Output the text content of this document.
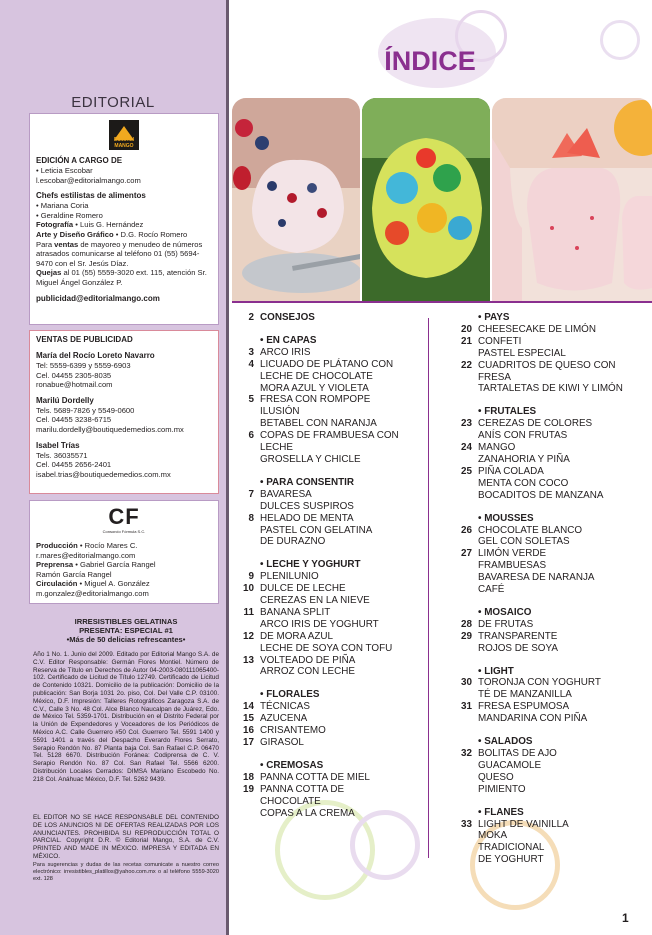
EDITORIAL
Editorial MANGO
EDICIÓN A CARGO DE
• Leticia Escobar
l.escobar@editorialmango.com
Chefs estilistas de alimentos
• Mariana Coria
• Geraldine Romero
Fotografía • Luis G. Hernández
Arte y Diseño Gráfico • D.G. Rocío Romero
Para ventas de mayoreo y menudeo de números atrasados comunicarse al teléfono 01 (55) 5694-9470 con el Sr. Jesús Díaz.
Quejas al 01 (55) 5559-3020 ext. 115, atención Sr. Miguel Ángel González P.
publicidad@editorialmango.com
VENTAS DE PUBLICIDAD
María del Rocío Loreto Navarro
Tel: 5559-6399 y 5559-6903
Cel. 04455 2305-8035
ronabue@hotmail.com
Marilú Dordelly
Tels. 5689-7826 y 5549-0600
Cel. 04455 3238-6715
marilu.dordelly@boutiquedemedios.com.mx
Isabel Trías
Tels. 36035571
Cel. 04455 2656-2401
isabel.trias@boutiquedemedios.com.mx
CF
Consorcio Fórmula S.C.
Producción • Rocío Mares C.
r.mares@editorialmango.com
Preprensa • Gabriel García Rangel
Ramón García Rangel
Circulación • Miguel A. González
m.gonzalez@editorialmango.com
IRRESISTIBLES GELATINAS
PRESENTA: ESPECIAL #1
•Más de 50 delicias refrescantes•
Año 1 No. 1. Junio del 2009. Editado por Editorial Mango S.A. de C.V. Editor Responsable: Germán Flores Montiel. Número de Reserva de Título en Derechos de Autor 04-2003-080111065400-102. Certificado de Licitud de Título 12749. Certificado de Licitud de Contenido 10321. Domicilio de la publicación: Domicilio de la publicación: San Borja 1031 2o. piso, Col. Del Valle C.P. 03100. México, D.F. Impresión: Talleres Rotográficos Zaragoza S.A. de C.V., Calle 3 No. 48 Col. Alce Blanco Naucalpan de Juárez, Edo. de México Tel. 5359-1701. Distribución en el Distrito Federal por la Unión de Expendedores y Voceadores de los Periódicos de México A.C. Calle Guerrero #50 Col. Guerrero Tel. 5591 1400 y 5591 1401 a través del Despacho Everardo Flores Serrato, Serapio Rendón No. 87 Planta baja Col. San Rafael C.P. 06470 Tel. 5128 6670. Distribución Foránea: Codiprensa de C. V. Serapio Rendón No. 87 Col. San Rafael Tel. 5566 6200. Distribución Locales Cerrados: DIMSA Mariano Escobedo No. 218 Col. Anáhuac México, D.F. Tel. 5262 9439.
EL EDITOR NO SE HACE RESPONSABLE DEL CONTENIDO DE LOS ANUNCIOS NI DE OFERTAS REALIZADAS POR LOS ANUNCIANTES. PROHIBIDA SU REPRODUCCIÓN TOTAL O PARCIAL. Copyright D.R. © Editorial Mango, S.A. de C.V. PRINTED AND MADE IN MÉXICO. IMPRESA Y EDITADA EN MÉXICO.
Para sugerencias y dudas de las recetas comunicate a nuestro correo electrónico: irresistibles_platillos@yahoo.com.mx o al teléfono 5559-3020 ext. 128
ÍNDICE
2 CONSEJOS
• EN CAPAS
3 ARCO IRIS
4 LICUADO DE PLÁTANO CON
LECHE DE CHOCOLATE
MORA AZUL Y VIOLETA
5 FRESA CON ROMPOPE
ILUSIÓN
BETABEL CON NARANJA
6 COPAS DE FRAMBUESA CON
LECHE
GROSELLA Y CHICLE
• PARA CONSENTIR
7 BAVARESA
DULCES SUSPIROS
8 HELADO DE MENTA
PASTEL CON GELATINA
DE DURAZNO
• LECHE Y YOGHURT
9 PLENILUNIO
10 DULCE DE LECHE
CEREZAS EN LA NIEVE
11 BANANA SPLIT
ARCO IRIS DE YOGHURT
12 DE MORA AZUL
LECHE DE SOYA CON TOFU
13 VOLTEADO DE PIÑA
ARROZ CON LECHE
• FLORALES
14 TÉCNICAS
15 AZUCENA
16 CRISANTEMO
17 GIRASOL
• CREMOSAS
18 PANNA COTTA DE MIEL
19 PANNA COTTA DE
CHOCOLATE
COPAS A LA CREMA
• PAYS
20 CHEESECAKE DE LIMÓN
21 CONFETI
PASTEL ESPECIAL
22 CUADRITOS DE QUESO CON
FRESA
TARTALETAS DE KIWI Y LIMÓN
• FRUTALES
23 CEREZAS DE COLORES
ANÍS CON FRUTAS
24 MANGO
ZANAHORIA Y PIÑA
25 PIÑA COLADA
MENTA CON COCO
BOCADITOS DE MANZANA
• MOUSSES
26 CHOCOLATE BLANCO
GEL CON SOLETAS
27 LIMÓN VERDE
FRAMBUESAS
BAVARESA DE NARANJA
CAFÉ
• MOSAICO
28 DE FRUTAS
29 TRANSPARENTE
ROJOS DE SOYA
• LIGHT
30 TORONJA CON YOGHURT
TÉ DE MANZANILLA
31 FRESA ESPUMOSA
MANDARINA CON PIÑA
• SALADOS
32 BOLITAS DE AJO
GUACAMOLE
QUESO
PIMIENTO
• FLANES
33 LIGHT DE VAINILLA
MOKA
TRADICIONAL
DE YOGHURT
1
